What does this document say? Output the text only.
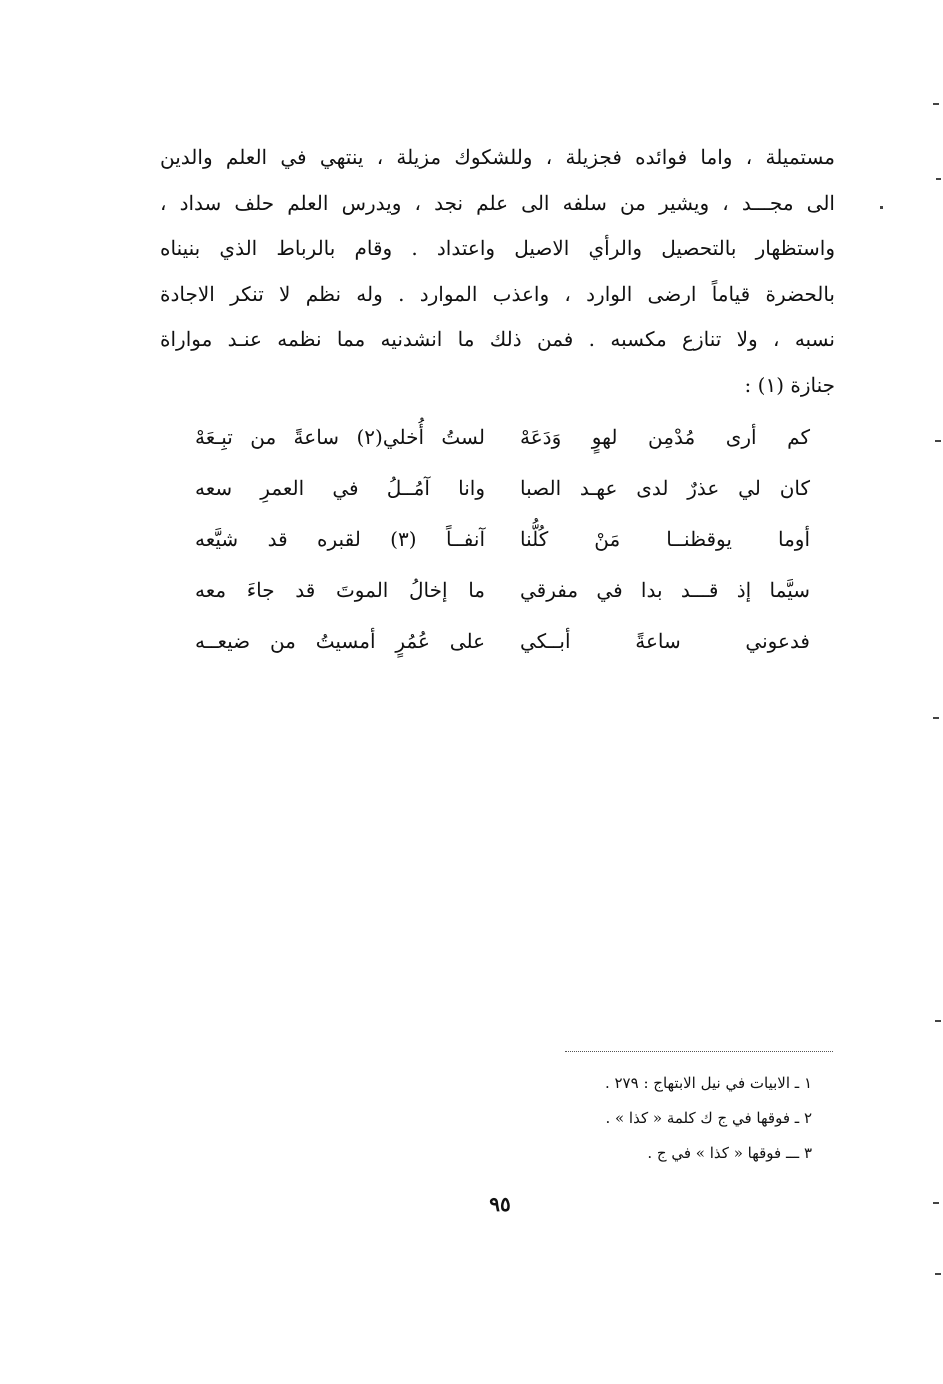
مستميلة ، واما فوائده فجزيلة ، وللشكوك مزيلة ، ينتهي في العلم والدين
الى مجـــد ، ويشير من سلفه الى علم نجد ، ويدرس العلم حلف سداد ،
واستظهار بالتحصيل والرأي الاصيل واعتداد . وقام بالرباط الذي بنيناه
بالحضرة قياماً ارضى الوارد ، واعذب الموارد . وله نظم لا تنكر الاجادة
نسبه ، ولا تنازع مكسبه . فمن ذلك ما انشدنيه مما نظمه عنـد مواراة
جنازة (١) :
كم أرى مُدْمِن لهوٍ وَدَعَهْ
لستُ أُخلي(٢) ساعةً من تبِـعَهْ
كان لي عذرٌ لدى عهـد الصبا
وانا آمُــلُ في العمرِ سعه
أوما يوقظنــا مَنْ كُلُّنا
آنفــاً (٣) لقبره قد شيَّعه
سيَّما إذ قـــد بدا في مفرقي
ما إخالُ الموتَ قد جاءَ معه
فدعوني ساعةً أبــكي
على عُمُرٍ أمسيتُ من ضيعــه
١ ـ الابيات في نيل الابتهاج : ٢٧٩ .
٢ ـ فوقها في ج ك كلمة « كذا » .
٣ ـــ فوقها « كذا » في ج .
٩٥
